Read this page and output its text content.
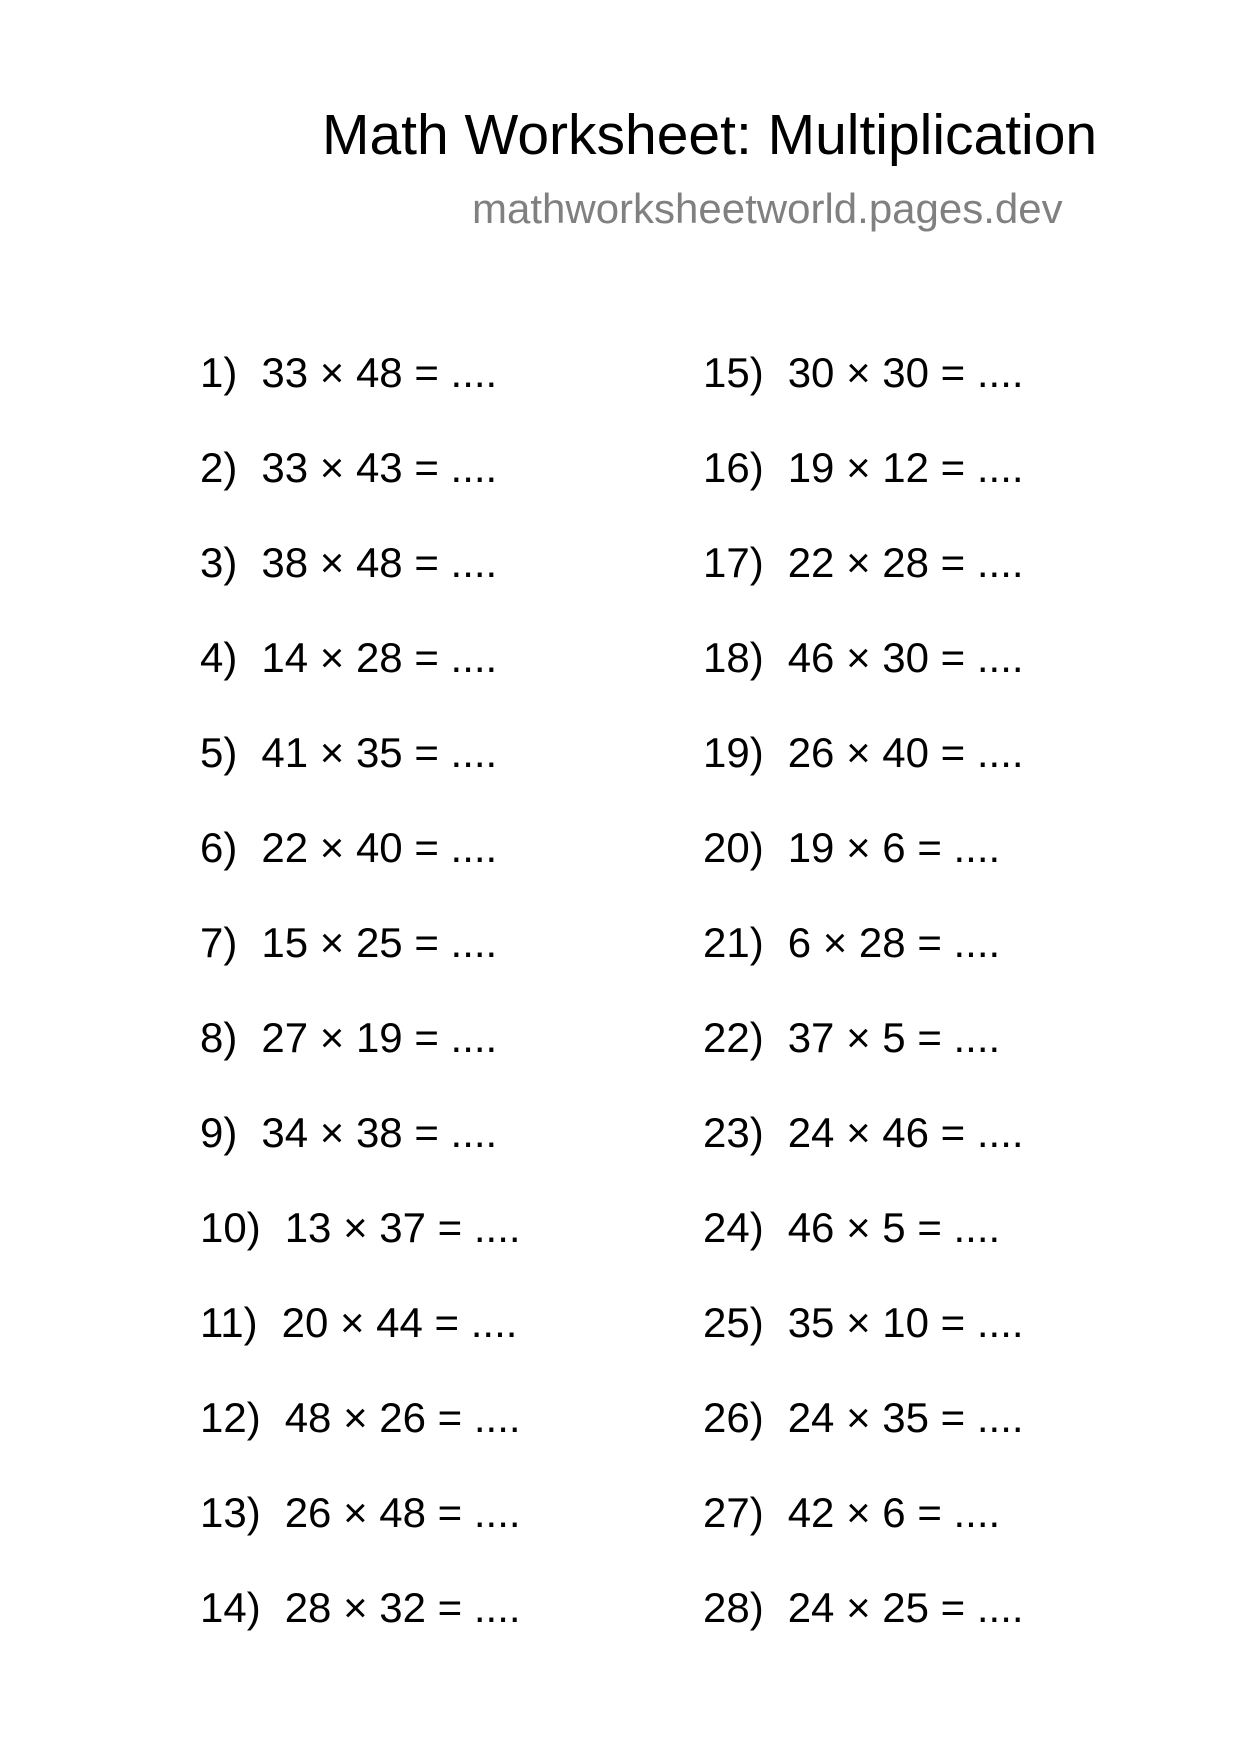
Math Worksheet: Multiplication
mathworksheetworld.pages.dev
1) 33 × 48 = ....
2) 33 × 43 = ....
3) 38 × 48 = ....
4) 14 × 28 = ....
5) 41 × 35 = ....
6) 22 × 40 = ....
7) 15 × 25 = ....
8) 27 × 19 = ....
9) 34 × 38 = ....
10) 13 × 37 = ....
11) 20 × 44 = ....
12) 48 × 26 = ....
13) 26 × 48 = ....
14) 28 × 32 = ....
15) 30 × 30 = ....
16) 19 × 12 = ....
17) 22 × 28 = ....
18) 46 × 30 = ....
19) 26 × 40 = ....
20) 19 × 6 = ....
21) 6 × 28 = ....
22) 37 × 5 = ....
23) 24 × 46 = ....
24) 46 × 5 = ....
25) 35 × 10 = ....
26) 24 × 35 = ....
27) 42 × 6 = ....
28) 24 × 25 = ....
